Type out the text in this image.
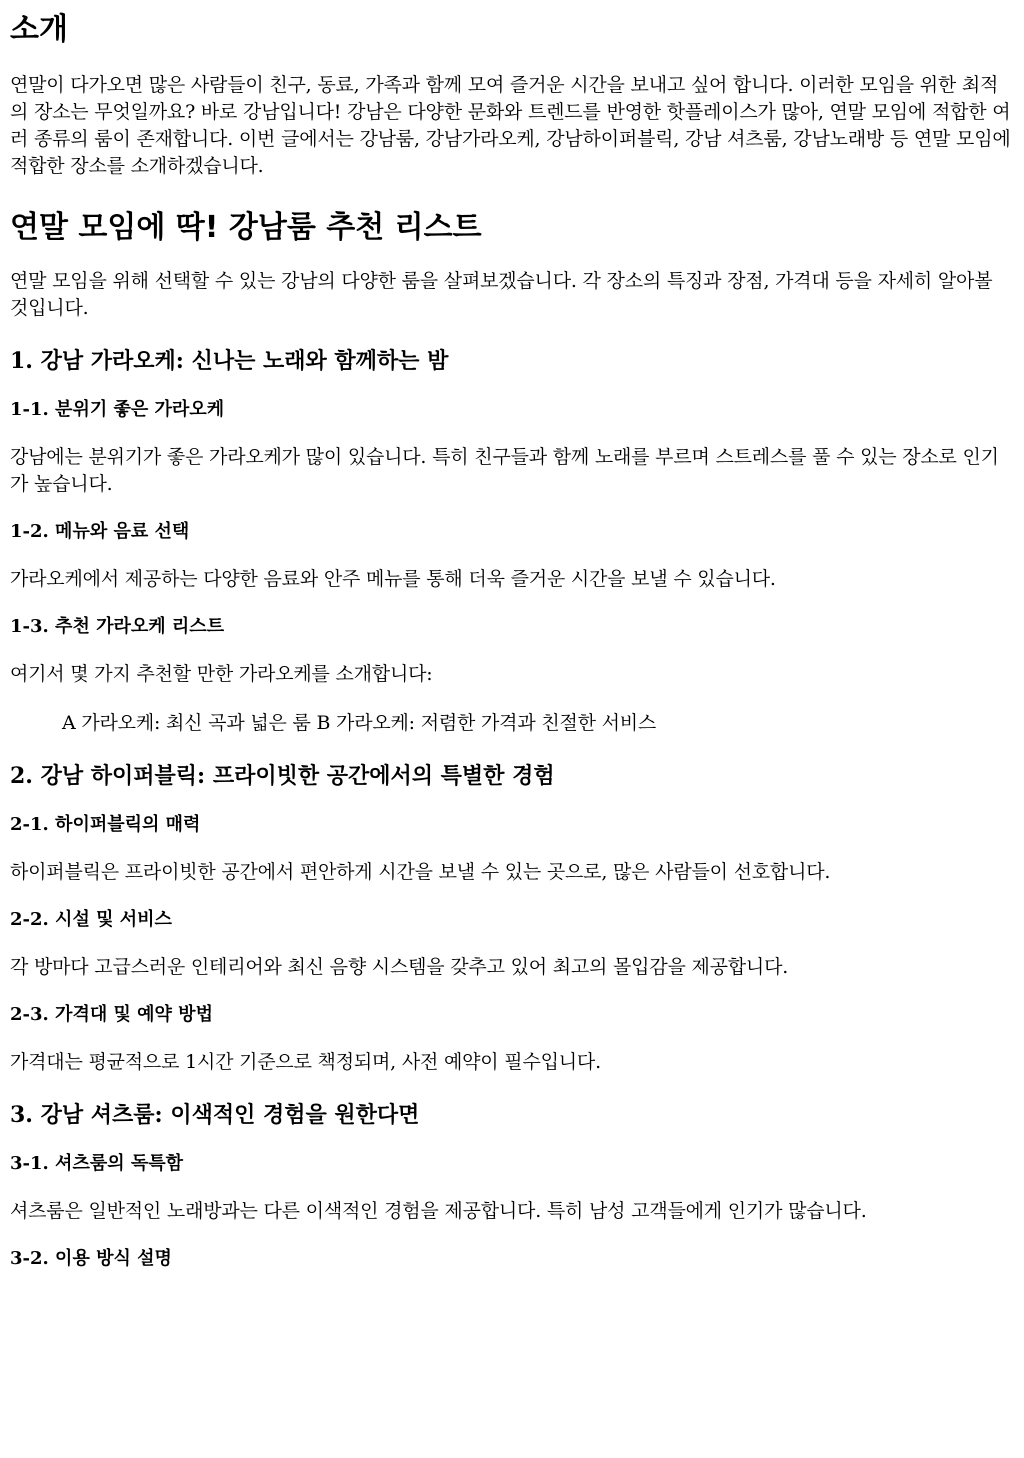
소개

연말이 다가오면 많은 사람들이 친구, 동료, 가족과 함께 모여 즐거운 시간을 보내고 싶어 합니다. 이러한 모임을 위한 최적의 장소는 무엇일까요? 바로 강남입니다! 강남은 다양한 문화와 트렌드를 반영한 핫플레이스가 많아, 연말 모임에 적합한 여러 종류의 룸이 존재합니다. 이번 글에서는 강남룸, 강남가라오케, 강남하이퍼블릭, 강남 셔츠룸, 강남노래방 등 연말 모임에 적합한 장소를 소개하겠습니다.

연말 모임에 딱! 강남룸 추천 리스트

연말 모임을 위해 선택할 수 있는 강남의 다양한 룸을 살펴보겠습니다. 각 장소의 특징과 장점, 가격대 등을 자세히 알아볼 것입니다.

1. 강남 가라오케: 신나는 노래와 함께하는 밤
1-1. 분위기 좋은 가라오케

강남에는 분위기가 좋은 가라오케가 많이 있습니다. 특히 친구들과 함께 노래를 부르며 스트레스를 풀 수 있는 장소로 인기가 높습니다.

1-2. 메뉴와 음료 선택

가라오케에서 제공하는 다양한 음료와 안주 메뉴를 통해 더욱 즐거운 시간을 보낼 수 있습니다.

1-3. 추천 가라오케 리스트

여기서 몇 가지 추천할 만한 가라오케를 소개합니다:

A 가라오케: 최신 곡과 넓은 룸 B 가라오케: 저렴한 가격과 친절한 서비스
2. 강남 하이퍼블릭: 프라이빗한 공간에서의 특별한 경험
2-1. 하이퍼블릭의 매력

하이퍼블릭은 프라이빗한 공간에서 편안하게 시간을 보낼 수 있는 곳으로, 많은 사람들이 선호합니다.

2-2. 시설 및 서비스

각 방마다 고급스러운 인테리어와 최신 음향 시스템을 갖추고 있어 최고의 몰입감을 제공합니다.

2-3. 가격대 및 예약 방법

가격대는 평균적으로 1시간 기준으로 책정되며, 사전 예약이 필수입니다.

3. 강남 셔츠룸: 이색적인 경험을 원한다면
3-1. 셔츠룸의 독특함

셔츠룸은 일반적인 노래방과는 다른 이색적인 경험을 제공합니다. 특히 남성 고객들에게 인기가 많습니다.

3-2. 이용 방식 설명
